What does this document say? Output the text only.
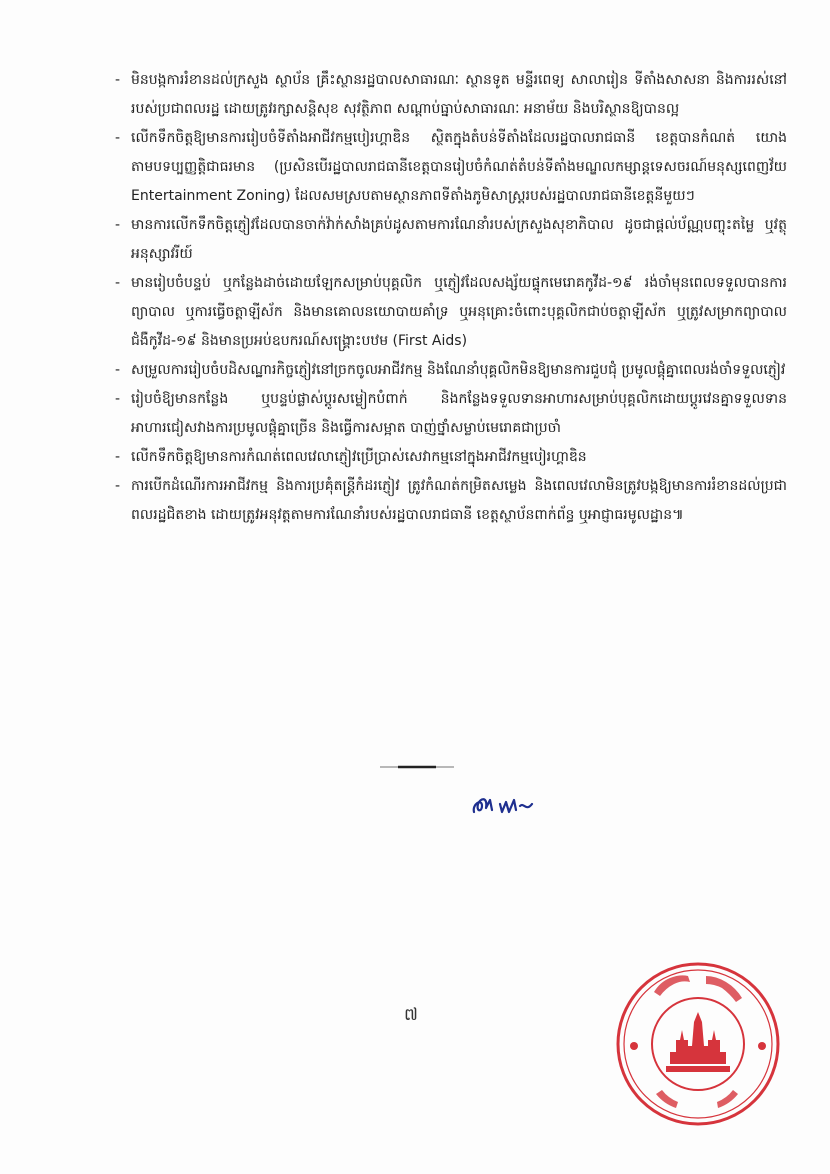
- មិនបង្កការរំខានដល់ក្រសួង ស្ថាប័ន គ្រឹះស្ថានរដ្ឋបាលសាធារណៈ ស្ថានទូត មន្ទីរពេទ្យ សាលារៀន ទីតាំងសាសនា និងការរស់នៅរបស់ប្រជាពលរដ្ឋ ដោយត្រូវរក្សាសន្តិសុខ សុវត្ថិភាព សណ្តាប់ធ្នាប់សាធារណៈ អនាម័យ និងបរិស្ថានឱ្យបានល្អ
- លើកទឹកចិត្តឱ្យមានការរៀបចំទីតាំងអាជីវកម្មបៀរហ្គាឌិន ស្ថិតក្នុងតំបន់ទីតាំងដែលរដ្ឋបាលរាជធានី ខេត្តបានកំណត់ យោងតាមបទប្បញ្ញត្តិជាធរមាន (ប្រសិនបើរដ្ឋបាលរាជធានីខេត្តបានរៀបចំកំណត់តំបន់ទីតាំងមណ្ឌលកម្សាន្តទេសចរណ៍មនុស្សពេញវ័យ Entertainment Zoning) ដែលសមស្របតាមស្ថានភាពទីតាំងភូមិសាស្ត្ររបស់រដ្ឋបាលរាជធានីខេត្តនីមួយៗ
- មានការលើកទឹកចិត្តភ្ញៀវដែលបានចាក់វ៉ាក់សាំងគ្រប់ដូសតាមការណែនាំរបស់ក្រសួងសុខាភិបាល ដូចជាផ្តល់ប័ណ្ណបញ្ចុះតម្លៃ ឬវត្ថុអនុស្សាវរីយ៍
- មានរៀបចំបន្ទប់ ឬកន្លែងដាច់ដោយឡែកសម្រាប់បុគ្គលិក ឬភ្ញៀវដែលសង្ស័យផ្ទុកមេរោគកូវីដ-១៩ រង់ចាំមុនពេលទទួលបានការព្យាបាល ឬការធ្វើចត្តាឡីស័ក និងមានគោលនយោបាយគាំទ្រ ឬអនុគ្រោះចំពោះបុគ្គលិកជាប់ចត្តាឡីស័ក ឬត្រូវសម្រាកព្យាបាលជំងឺកូវីដ-១៩ និងមានប្រអប់ឧបករណ៍សង្គ្រោះបឋម (First Aids)
- សម្រួលការរៀបចំបដិសណ្ឋារកិច្ចភ្ញៀវនៅច្រកចូលអាជីវកម្ម និងណែនាំបុគ្គលិកមិនឱ្យមានការជួបជុំ ប្រមូលផ្តុំគ្នាពេលរង់ចាំទទួលភ្ញៀវ
- រៀបចំឱ្យមានកន្លែង ឬបន្ទប់ផ្លាស់ប្តូរសម្លៀកបំពាក់ និងកន្លែងទទួលទានអាហារសម្រាប់បុគ្គលិកដោយប្តូរវេនគ្នាទទួលទានអាហារជៀសវាងការប្រមូលផ្តុំគ្នាច្រើន និងធ្វើការសម្អាត បាញ់ថ្នាំសម្លាប់មេរោគជាប្រចាំ
- លើកទឹកចិត្តឱ្យមានការកំណត់ពេលវេលាភ្ញៀវប្រើប្រាស់សេវាកម្មនៅក្នុងអាជីវកម្មបៀរហ្គាឌិន
- ការបើកដំណើរការអាជីវកម្ម និងការប្រគុំតន្ត្រីកំដរភ្ញៀវ ត្រូវកំណត់កម្រិតសម្លេង និងពេលវេលាមិនត្រូវបង្កឱ្យមានការរំខានដល់ប្រជាពលរដ្ឋជិតខាង ដោយត្រូវអនុវត្តតាមការណែនាំរបស់រដ្ឋបាលរាជធានី ខេត្តស្ថាប័នពាក់ព័ន្ធ ឬអាជ្ញាធរមូលដ្ឋាន៕
៧
